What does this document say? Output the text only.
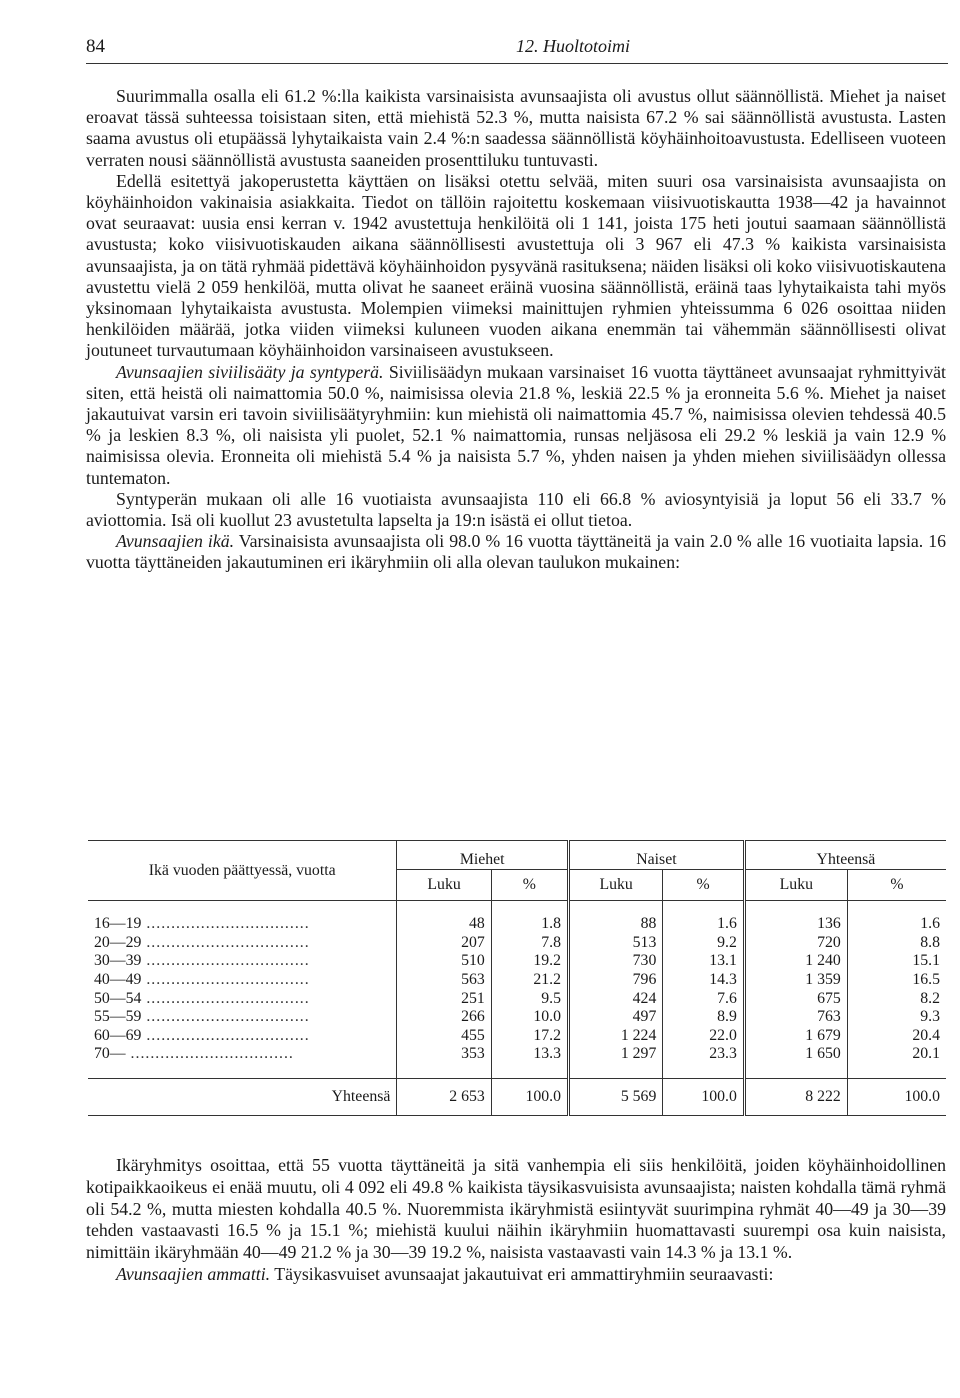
84	12. Huoltotoimi

Suurimmalla osalla eli 61.2 %:lla kaikista varsinaisista avunsaajista oli avustus ollut säännöllistä. Miehet ja naiset eroavat tässä suhteessa toisistaan siten, että miehistä 52.3 %, mutta naisista 67.2 % sai säännöllistä avustusta. Lasten saama avustus oli etupäässä lyhytaikaista vain 2.4 %:n saadessa säännöllistä köyhäinhoitoavustusta. Edelliseen vuoteen verraten nousi säännöllistä avustusta saaneiden prosenttiluku tuntuvasti.

Edellä esitettyä jakoperustetta käyttäen on lisäksi otettu selvää, miten suuri osa varsinaisista avunsaajista on köyhäinhoidon vakinaisia asiakkaita. Tiedot on tällöin rajoitettu koskemaan viisivuotiskautta 1938—42 ja havainnot ovat seuraavat: uusia ensi kerran v. 1942 avustettuja henkilöitä oli 1 141, joista 175 heti joutui saamaan säännöllistä avustusta; koko viisivuotiskauden aikana säännöllisesti avustettuja oli 3 967 eli 47.3 % kaikista varsinaisista avunsaajista, ja on tätä ryhmää pidettävä köyhäinhoidon pysyvänä rasituksena; näiden lisäksi oli koko viisivuotiskautena avustettu vielä 2 059 henkilöä, mutta olivat he saaneet eräinä vuosina säännöllistä, eräinä taas lyhytaikaista tahi myös yksinomaan lyhytaikaista avustusta. Molempien viimeksi mainittujen ryhmien yhteissumma 6 026 osoittaa niiden henkilöiden määrää, jotka viiden viimeksi kuluneen vuoden aikana enemmän tai vähemmän säännöllisesti olivat joutuneet turvautumaan köyhäinhoidon varsinaiseen avustukseen.

Avunsaajien siviilisääty ja syntyperä. Siviilisäädyn mukaan varsinaiset 16 vuotta täyttäneet avunsaajat ryhmittyivät siten, että heistä oli naimattomia 50.0 %, naimisissa olevia 21.8 %, leskiä 22.5 % ja eronneita 5.6 %. Miehet ja naiset jakautuivat varsin eri tavoin siviilisäätyryhmiin: kun miehistä oli naimattomia 45.7 %, naimisissa olevien tehdessä 40.5 % ja leskien 8.3 %, oli naisista yli puolet, 52.1 % naimattomia, runsas neljäsosa eli 29.2 % leskiä ja vain 12.9 % naimisissa olevia. Eronneita oli miehistä 5.4 % ja naisista 5.7 %, yhden naisen ja yhden miehen siviilisäädyn ollessa tuntematon.

Syntyperän mukaan oli alle 16 vuotiaista avunsaajista 110 eli 66.8 % aviosyntyisiä ja loput 56 eli 33.7 % aviottomia. Isä oli kuollut 23 avustetulta lapselta ja 19:n isästä ei ollut tietoa.

Avunsaajien ikä. Varsinaisista avunsaajista oli 98.0 % 16 vuotta täyttäneitä ja vain 2.0 % alle 16 vuotiaita lapsia. 16 vuotta täyttäneiden jakautuminen eri ikäryhmiin oli alla olevan taulukon mukainen:

Ikä vuoden päättyessä, vuotta	Miehet		Naiset		Yhteensä	
	Luku	%	Luku	%	Luku	%
16—19 .................................	48	1.8	88	1.6	136	1.6
20—29 .................................	207	7.8	513	9.2	720	8.8
30—39 .................................	510	19.2	730	13.1	1 240	15.1
40—49 .................................	563	21.2	796	14.3	1 359	16.5
50—54 .................................	251	9.5	424	7.6	675	8.2
55—59 .................................	266	10.0	497	8.9	763	9.3
60—69 .................................	455	17.2	1 224	22.0	1 679	20.4
70— .................................	353	13.3	1 297	23.3	1 650	20.1
Yhteensä	2 653	100.0	5 569	100.0	8 222	100.0

Ikäryhmitys osoittaa, että 55 vuotta täyttäneitä ja sitä vanhempia eli siis henkilöitä, joiden köyhäinhoidollinen kotipaikkaoikeus ei enää muutu, oli 4 092 eli 49.8 % kaikista täysikasvuisista avunsaajista; naisten kohdalla tämä ryhmä oli 54.2 %, mutta miesten kohdalla 40.5 %. Nuoremmista ikäryhmistä esiintyvät suurimpina ryhmät 40—49 ja 30—39 tehden vastaavasti 16.5 % ja 15.1 %; miehistä kuului näihin ikäryhmiin huomattavasti suurempi osa kuin naisista, nimittäin ikäryhmään 40—49 21.2 % ja 30—39 19.2 %, naisista vastaavasti vain 14.3 % ja 13.1 %.

Avunsaajien ammatti. Täysikasvuiset avunsaajat jakautuivat eri ammattiryhmiin seuraavasti:
